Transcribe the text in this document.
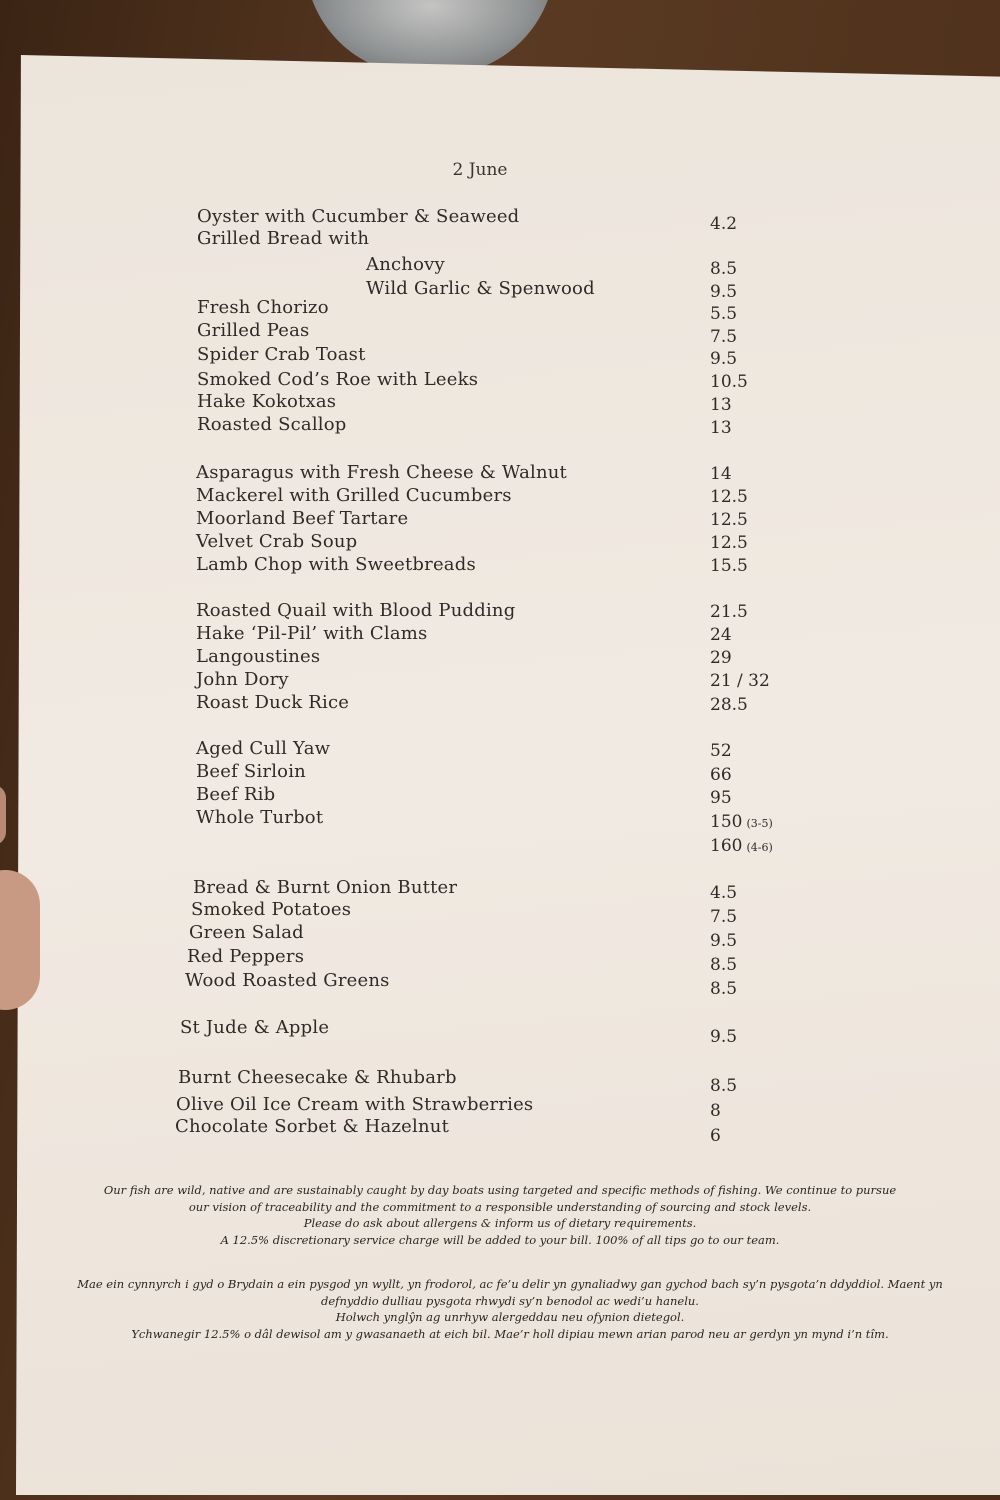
2 June
Oyster with Cucumber & Seaweed	4.2
Grilled Bread with
Anchovy	8.5
Wild Garlic & Spenwood	9.5
Fresh Chorizo	5.5
Grilled Peas	7.5
Spider Crab Toast	9.5
Smoked Cod’s Roe with Leeks	10.5
Hake Kokotxas	13
Roasted Scallop	13
Asparagus with Fresh Cheese & Walnut	14
Mackerel with Grilled Cucumbers	12.5
Moorland Beef Tartare	12.5
Velvet Crab Soup	12.5
Lamb Chop with Sweetbreads	15.5
Roasted Quail with Blood Pudding	21.5
Hake ‘Pil-Pil’ with Clams	24
Langoustines	29
John Dory	21 / 32
Roast Duck Rice	28.5
Aged Cull Yaw	52
Beef Sirloin	66
Beef Rib	95
Whole Turbot	150 (3-5)
160 (4-6)
Bread & Burnt Onion Butter	4.5
Smoked Potatoes	7.5
Green Salad	9.5
Red Peppers	8.5
Wood Roasted Greens	8.5
St Jude & Apple	9.5
Burnt Cheesecake & Rhubarb	8.5
Olive Oil Ice Cream with Strawberries	8
Chocolate Sorbet & Hazelnut	6
Our fish are wild, native and are sustainably caught by day boats using targeted and specific methods of fishing. We continue to pursue
our vision of traceability and the commitment to a responsible understanding of sourcing and stock levels.
Please do ask about allergens & inform us of dietary requirements.
A 12.5% discretionary service charge will be added to your bill. 100% of all tips go to our team.
Mae ein cynnyrch i gyd o Brydain a ein pysgod yn wyllt, yn frodorol, ac fe’u delir yn gynaliadwy gan gychod bach sy’n pysgota’n ddyddiol. Maent yn
defnyddio dulliau pysgota rhwydi sy’n benodol ac wedi’u hanelu.
Holwch ynglŷn ag unrhyw alergeddau neu ofynion dietegol.
Ychwanegir 12.5% o dâl dewisol am y gwasanaeth at eich bil. Mae’r holl dipiau mewn arian parod neu ar gerdyn yn mynd i’n tîm.
